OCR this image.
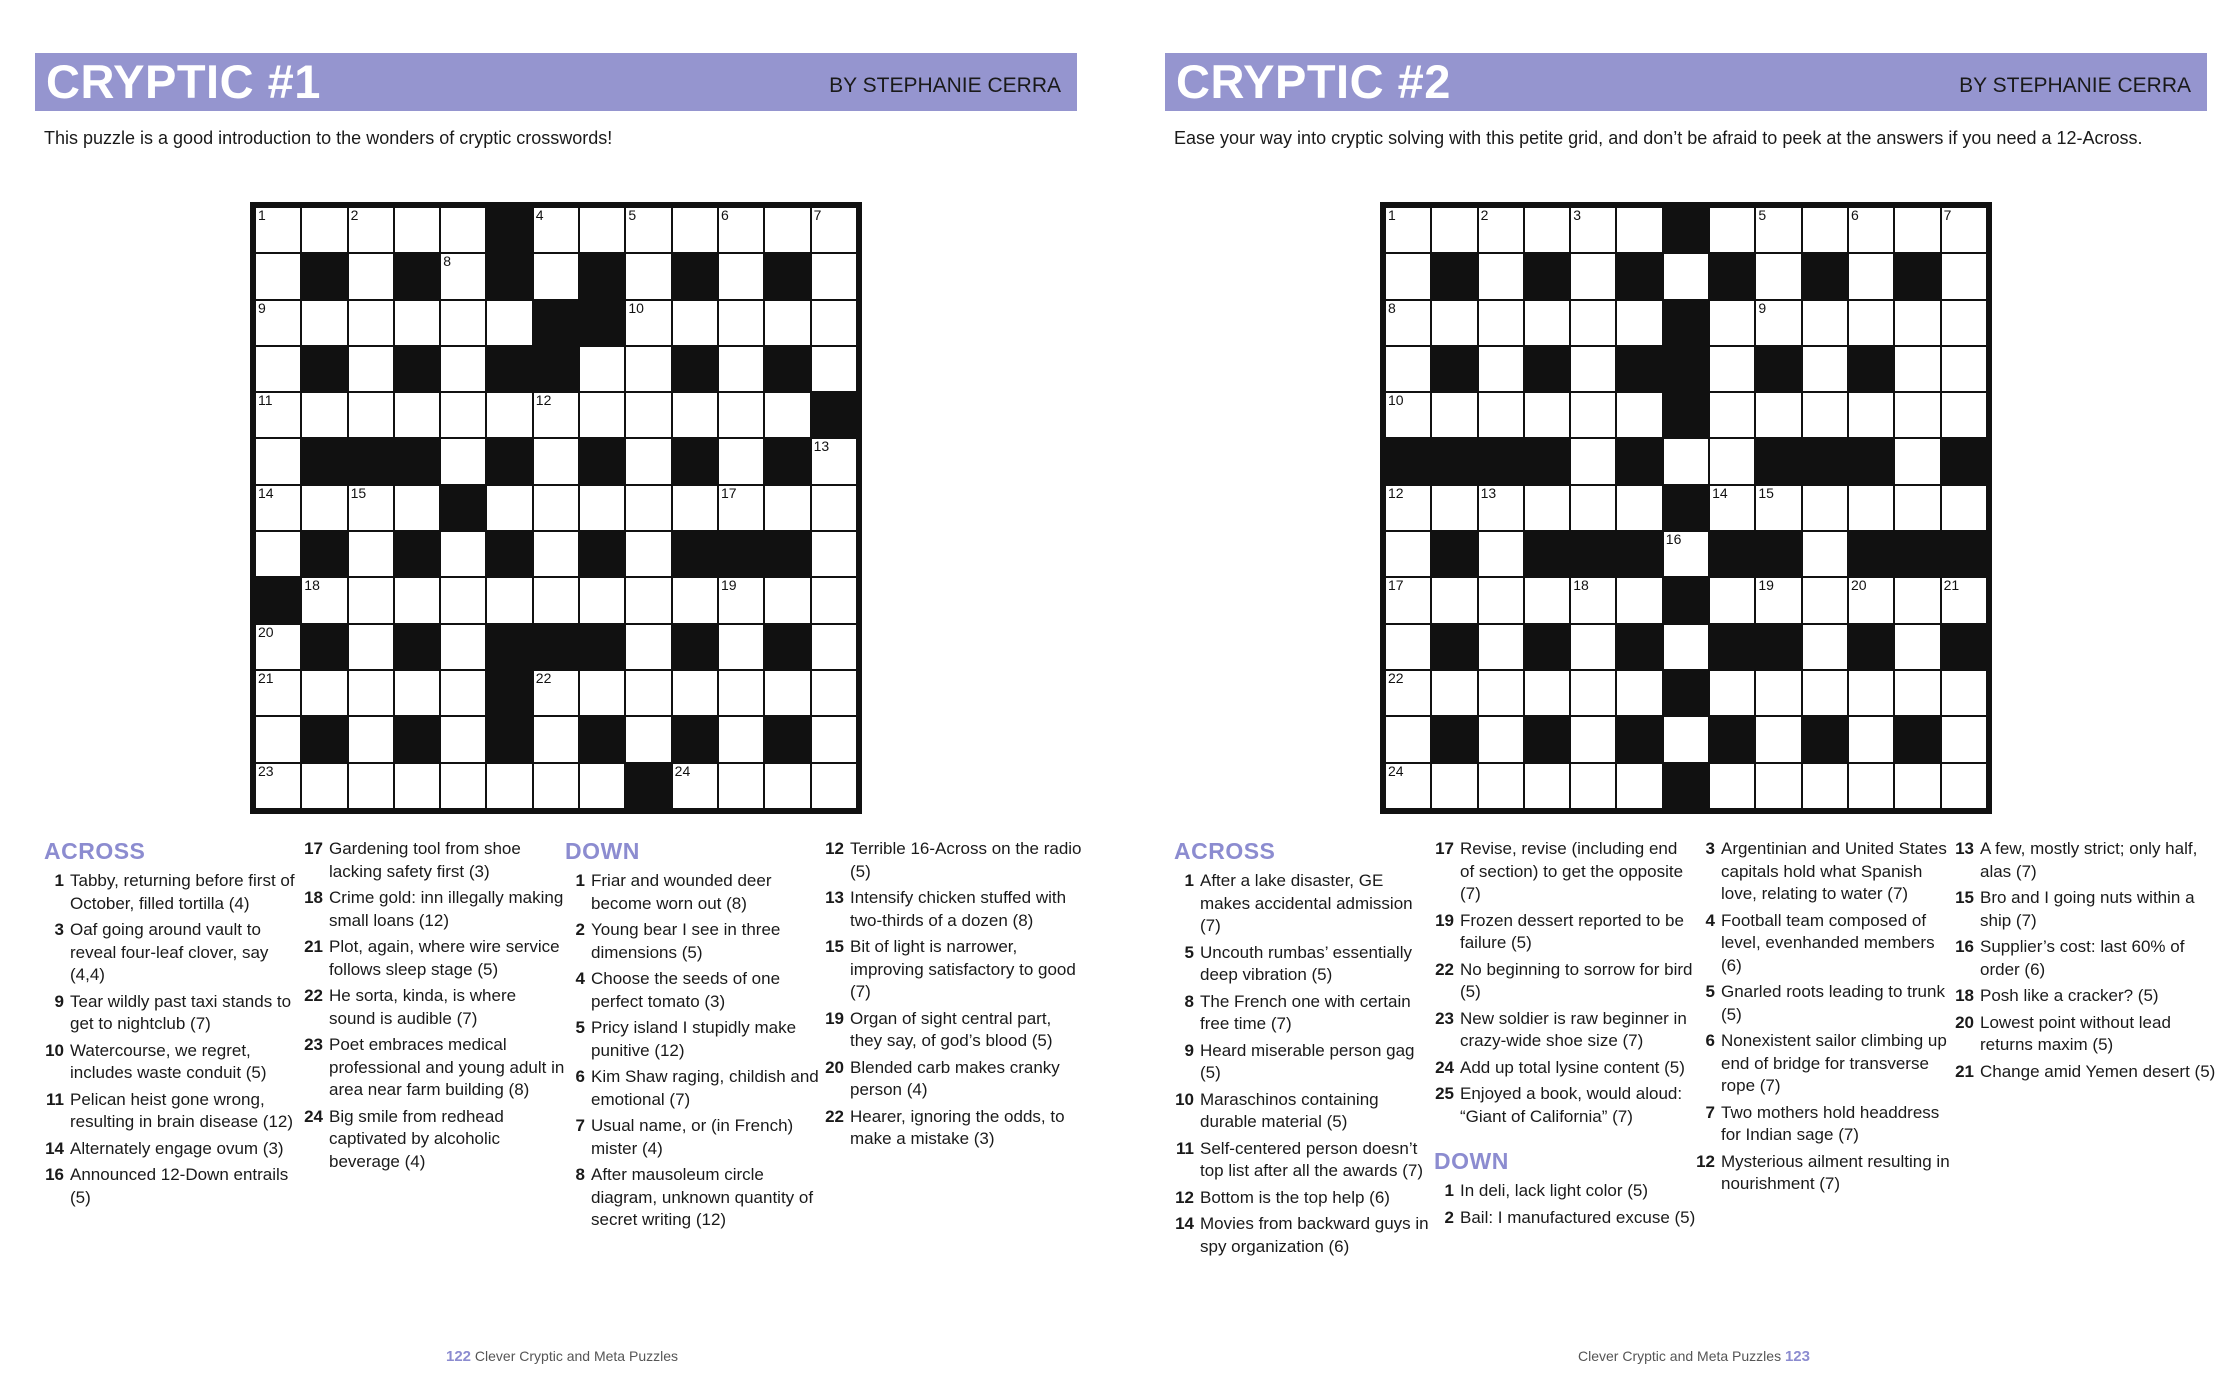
CRYPTIC #1	BY STEPHANIE CERRA
This puzzle is a good introduction to the wonders of cryptic crosswords!
1	2	4	5	6	7
8
9	10
11	12
13
14	15	17
18	19
20
21	22
23	24
ACROSS
1 Tabby, returning before first of October, filled tortilla (4)
3 Oaf going around vault to reveal four-leaf clover, say (4,4)
9 Tear wildly past taxi stands to get to nightclub (7)
10 Watercourse, we regret, includes waste conduit (5)
11 Pelican heist gone wrong, resulting in brain disease (12)
14 Alternately engage ovum (3)
16 Announced 12-Down entrails (5)
17 Gardening tool from shoe lacking safety first (3)
18 Crime gold: inn illegally making small loans (12)
21 Plot, again, where wire service follows sleep stage (5)
22 He sorta, kinda, is where sound is audible (7)
23 Poet embraces medical professional and young adult in area near farm building (8)
24 Big smile from redhead captivated by alcoholic beverage (4)
DOWN
1 Friar and wounded deer become worn out (8)
2 Young bear I see in three dimensions (5)
4 Choose the seeds of one perfect tomato (3)
5 Pricy island I stupidly make punitive (12)
6 Kim Shaw raging, childish and emotional (7)
7 Usual name, or (in French) mister (4)
8 After mausoleum circle diagram, unknown quantity of secret writing (12)
12 Terrible 16-Across on the radio (5)
13 Intensify chicken stuffed with two-thirds of a dozen (8)
15 Bit of light is narrower, improving satisfactory to good (7)
19 Organ of sight central part, they say, of god’s blood (5)
20 Blended carb makes cranky person (4)
22 Hearer, ignoring the odds, to make a mistake (3)
122 Clever Cryptic and Meta Puzzles
CRYPTIC #2	BY STEPHANIE CERRA
Ease your way into cryptic solving with this petite grid, and don’t be afraid to peek at the answers if you need a 12-Across.
1	2	3	5	6	7
8	9
10
12	13	14 15
16
17	18	19	20	21
22
24
ACROSS
1 After a lake disaster, GE makes accidental admission (7)
5 Uncouth rumbas’ essentially deep vibration (5)
8 The French one with certain free time (7)
9 Heard miserable person gag (5)
10 Maraschinos containing durable material (5)
11 Self-centered person doesn’t top list after all the awards (7)
12 Bottom is the top help (6)
14 Movies from backward guys in spy organization (6)
17 Revise, revise (including end of section) to get the opposite (7)
19 Frozen dessert reported to be failure (5)
22 No beginning to sorrow for bird (5)
23 New soldier is raw beginner in crazy-wide shoe size (7)
24 Add up total lysine content (5)
25 Enjoyed a book, would aloud: “Giant of California” (7)
DOWN
1 In deli, lack light color (5)
2 Bail: I manufactured excuse (5)
3 Argentinian and United States capitals hold what Spanish love, relating to water (7)
4 Football team composed of level, evenhanded members (6)
5 Gnarled roots leading to trunk (5)
6 Nonexistent sailor climbing up end of bridge for transverse rope (7)
7 Two mothers hold headdress for Indian sage (7)
12 Mysterious ailment resulting in nourishment (7)
13 A few, mostly strict; only half, alas (7)
15 Bro and I going nuts within a ship (7)
16 Supplier’s cost: last 60% of order (6)
18 Posh like a cracker? (5)
20 Lowest point without lead returns maxim (5)
21 Change amid Yemen desert (5)
Clever Cryptic and Meta Puzzles 123
